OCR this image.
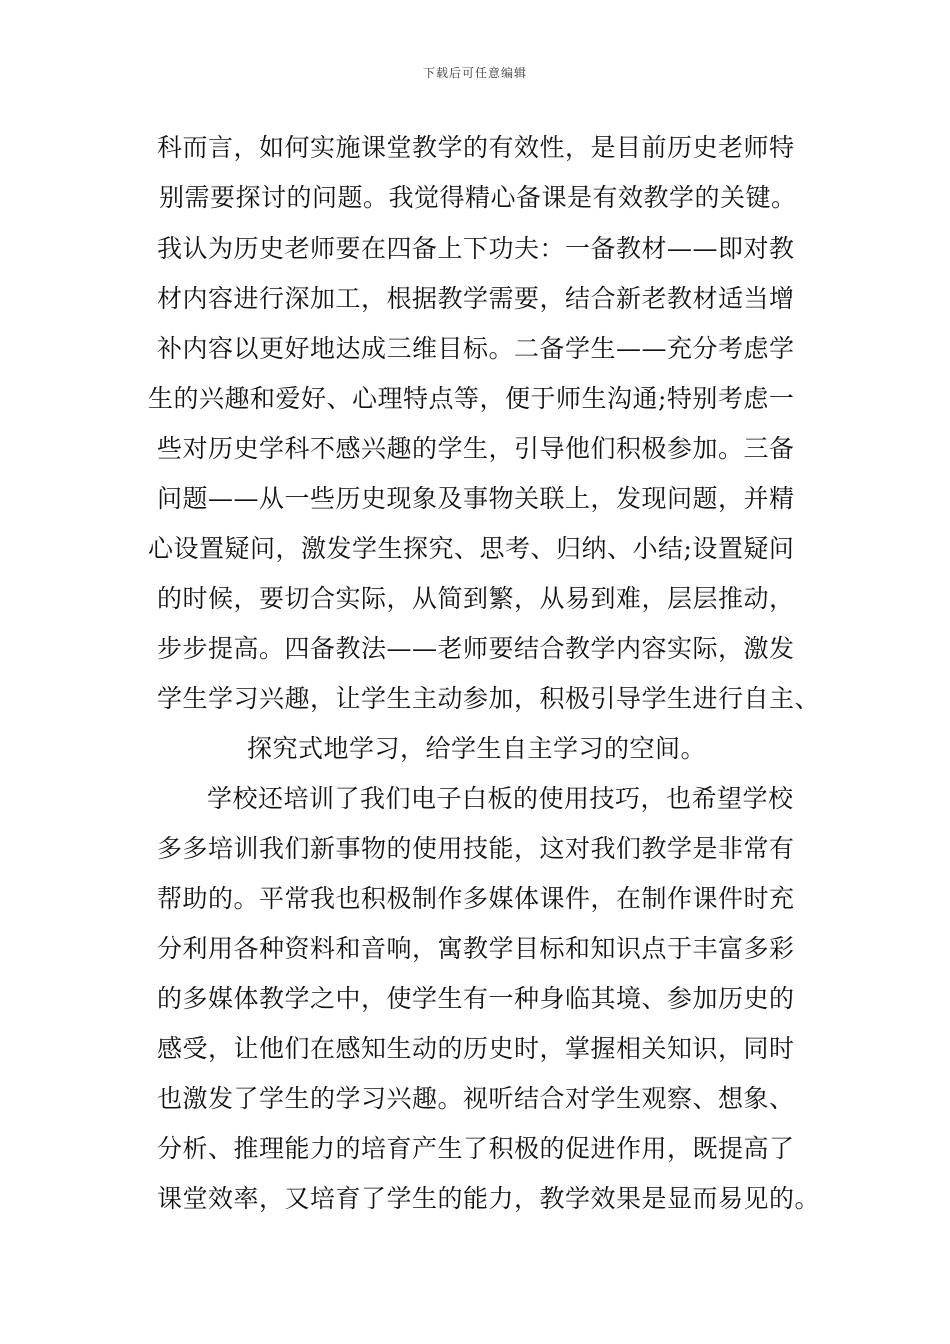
下载后可任意编辑
科而言，如何实施课堂教学的有效性，是目前历史老师特
别需要探讨的问题。我觉得精心备课是有效教学的关键。
我认为历史老师要在四备上下功夫：一备教材——即对教
材内容进行深加工，根据教学需要，结合新老教材适当增
补内容以更好地达成三维目标。二备学生——充分考虑学
生的兴趣和爱好、心理特点等，便于师生沟通;特别考虑一
些对历史学科不感兴趣的学生，引导他们积极参加。三备
问题——从一些历史现象及事物关联上，发现问题，并精
心设置疑问，激发学生探究、思考、归纳、小结;设置疑问
的时候，要切合实际，从简到繁，从易到难，层层推动，
步步提高。四备教法——老师要结合教学内容实际，激发
学生学习兴趣，让学生主动参加，积极引导学生进行自主、
探究式地学习，给学生自主学习的空间。
学校还培训了我们电子白板的使用技巧，也希望学校
多多培训我们新事物的使用技能，这对我们教学是非常有
帮助的。平常我也积极制作多媒体课件，在制作课件时充
分利用各种资料和音响，寓教学目标和知识点于丰富多彩
的多媒体教学之中，使学生有一种身临其境、参加历史的
感受，让他们在感知生动的历史时，掌握相关知识，同时
也激发了学生的学习兴趣。视听结合对学生观察、想象、
分析、推理能力的培育产生了积极的促进作用，既提高了
课堂效率，又培育了学生的能力，教学效果是显而易见的。
